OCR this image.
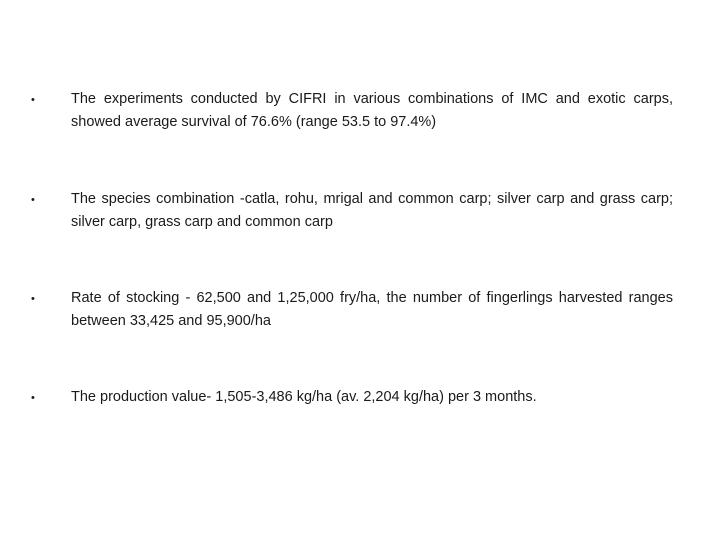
• The experiments conducted by CIFRI in various combinations of IMC and exotic carps, showed average survival of 76.6% (range 53.5 to 97.4%)

• The species combination -catla, rohu, mrigal and common carp; silver carp and grass carp; silver carp, grass carp and common carp

• Rate of stocking - 62,500 and 1,25,000 fry/ha, the number of fingerlings harvested ranges between 33,425 and 95,900/ha

• The production value- 1,505-3,486 kg/ha (av. 2,204 kg/ha) per 3 months.
